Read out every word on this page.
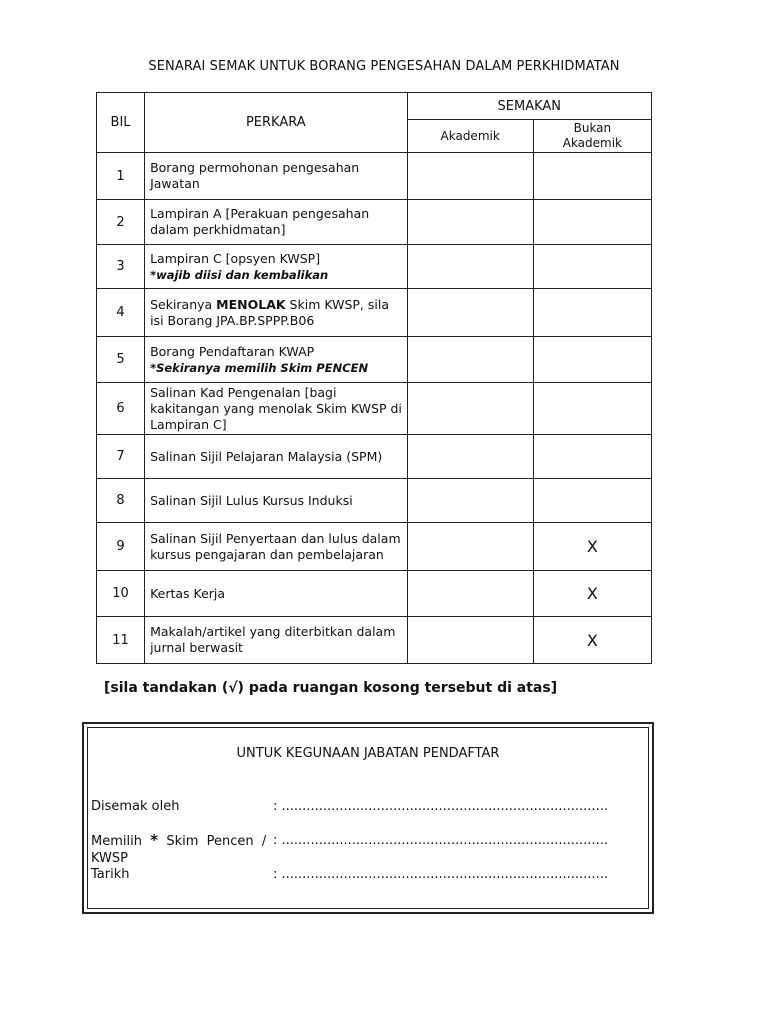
SENARAI SEMAK UNTUK BORANG PENGESAHAN DALAM PERKHIDMATAN
BIL	PERKARA	SEMAKAN	
		Akademik	Bukan
Akademik
1	Borang permohonan pengesahan
Jawatan		
2	Lampiran A [Perakuan pengesahan
dalam perkhidmatan]		
3	Lampiran C [opsyen KWSP]
*wajib diisi dan kembalikan		
4	Sekiranya MENOLAK Skim KWSP, sila
isi Borang JPA.BP.SPPP.B06		
5	Borang Pendaftaran KWAP
*Sekiranya memilih Skim PENCEN		
6	Salinan Kad Pengenalan [bagi
kakitangan yang menolak Skim KWSP di
Lampiran C]		
7	Salinan Sijil Pelajaran Malaysia (SPM)		
8	Salinan Sijil Lulus Kursus Induksi		
9	Salinan Sijil Penyertaan dan lulus dalam
kursus pengajaran dan pembelajaran		X
10	Kertas Kerja		X
11	Makalah/artikel yang diterbitkan dalam
jurnal berwasit		X
[sila tandakan (√) pada ruangan kosong tersebut di atas]
UNTUK KEGUNAAN JABATAN PENDAFTAR
Disemak oleh	: ...............................................................................
Memilih  *  Skim  Pencen  /
KWSP
: ...............................................................................
Tarikh	: ...............................................................................
